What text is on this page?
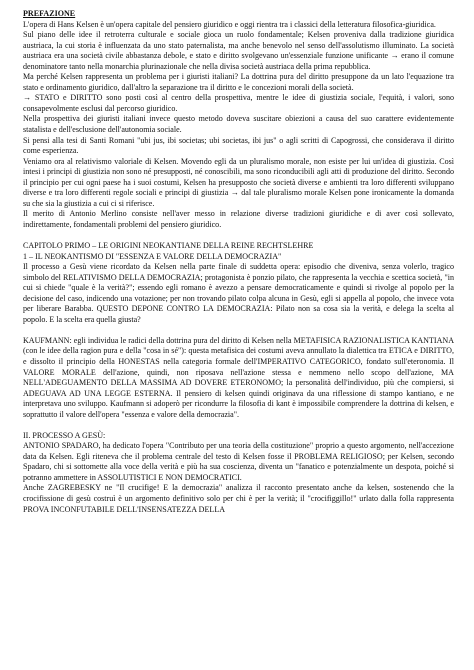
PREFAZIONE

L'opera di Hans Kelsen è un'opera capitale del pensiero giuridico e oggi rientra tra i classici della letteratura filosofica-giuridica.

Sul piano delle idee il retroterra culturale e sociale gioca un ruolo fondamentale; Kelsen proveniva dalla tradizione giuridica austriaca, la cui storia è influenzata da uno stato paternalista, ma anche benevolo nel senso dell'assolutismo illuminato. La società austriaca era una società civile abbastanza debole, e stato e diritto svolgevano un'essenziale funzione unificante → erano il comune denominatore tanto nella monarchia plurinazionale che nella divisa società austriaca della prima repubblica.

Ma perché Kelsen rappresenta un problema per i giuristi italiani? La dottrina pura del diritto presuppone da un lato l'equazione tra stato e ordinamento giuridico, dall'altro la separazione tra il diritto e le concezioni morali della società.

→ STATO e DIRITTO sono posti così al centro della prospettiva, mentre le idee di giustizia sociale, l'equità, i valori, sono consapevolmente esclusi dal percorso giuridico.

Nella prospettiva dei giuristi italiani invece questo metodo doveva suscitare obiezioni a causa del suo carattere evidentemente statalista e dell'esclusione dell'autonomia sociale.

Si pensi alla tesi di Santi Romani "ubi jus, ibi societas; ubi societas, ibi jus" o agli scritti di Capogrossi, che considerava il diritto come esperienza.

Veniamo ora al relativismo valoriale di Kelsen. Movendo egli da un pluralismo morale, non esiste per lui un'idea di giustizia. Così intesi i principi di giustizia non sono né presupposti, né conoscibili, ma sono riconducibili agli atti di produzione del diritto. Secondo il principio per cui ogni paese ha i suoi costumi, Kelsen ha presupposto che società diverse e ambienti tra loro differenti sviluppano diverse e tra loro differenti regole sociali e principi di giustizia → dal tale pluralismo morale Kelsen pone ironicamente la domanda su che sia la giustizia a cui ci si riferisce.

Il merito di Antonio Merlino consiste nell'aver messo in relazione diverse tradizioni giuridiche e di aver così sollevato, indirettamente, fondamentali problemi del pensiero giuridico.

CAPITOLO PRIMO – LE ORIGINI NEOKANTIANE DELLA REINE RECHTSLEHRE

1 – IL NEOKANTISMO DI "ESSENZA E VALORE DELLA DEMOCRAZIA"

Il processo a Gesù viene ricordato da Kelsen nella parte finale di suddetta opera: episodio che diveniva, senza volerlo, tragico simbolo del RELATIVISMO DELLA DEMOCRAZIA; protagonista è ponzio pilato, che rappresenta la vecchia e scettica società, "in cui si chiede "quale è la verità?"; essendo egli romano è avezzo a pensare democraticamente e quindi si rivolge al popolo per la decisione del caso, indicendo una votazione; per non trovando pilato colpa alcuna in Gesù, egli si appella al popolo, che invece vota per liberare Barabba. QUESTO DEPONE CONTRO LA DEMOCRAZIA: Pilato non sa cosa sia la verità, e delega la scelta al popolo. E la scelta era quella giusta?

KAUFMANN: egli individua le radici della dottrina pura del diritto di Kelsen nella METAFISICA RAZIONALISTICA KANTIANA (con le idee della ragion pura e della "cosa in sé"): questa metafisica dei costumi aveva annullato la dialettica tra ETICA e DIRITTO, e dissolto il principio della HONESTAS nella categoria formale dell'IMPERATIVO CATEGORICO, fondato sull'eteronomia. Il VALORE MORALE dell'azione, quindi, non riposava nell'azione stessa e nemmeno nello scopo dell'azione, MA NELL'ADEGUAMENTO DELLA MASSIMA AD DOVERE ETERONOMO; la personalità dell'individuo, più che compiersi, si ADEGUAVA AD UNA LEGGE ESTERNA. Il pensiero di kelsen quindi originava da una riflessione di stampo kantiano, e ne interpretava uno sviluppo. Kaufmann si adoperò per ricondurre la filosofia di kant è impossibile comprendere la dottrina di kelsen, e soprattutto il valore dell'opera "essenza e valore della democrazia".

II. PROCESSO A GESÙ:

ANTONIO SPADARO, ha dedicato l'opera "Contributo per una teoria della costituzione" proprio a questo argomento, nell'accezione data da Kelsen. Egli riteneva che il problema centrale del testo di Kelsen fosse il PROBLEMA RELIGIOSO; per Kelsen, secondo Spadaro, chi si sottomette alla voce della verità e più ha sua coscienza, diventa un "fanatico e potenzialmente un despota, poiché si potranno ammettere in ASSOLUTISTICI E NON DEMOCRATICI.

Anche ZAGREBESKY ne "Il crucifige! E la democrazia" analizza il racconto presentato anche da kelsen, sostenendo che la crocifissione di gesù costruì è un argomento definitivo solo per chi è per la verità; il "crocifiggillo!" urlato dalla folla rappresenta PROVA INCONFUTABILE DELL'INSENSATEZZA DELLA
